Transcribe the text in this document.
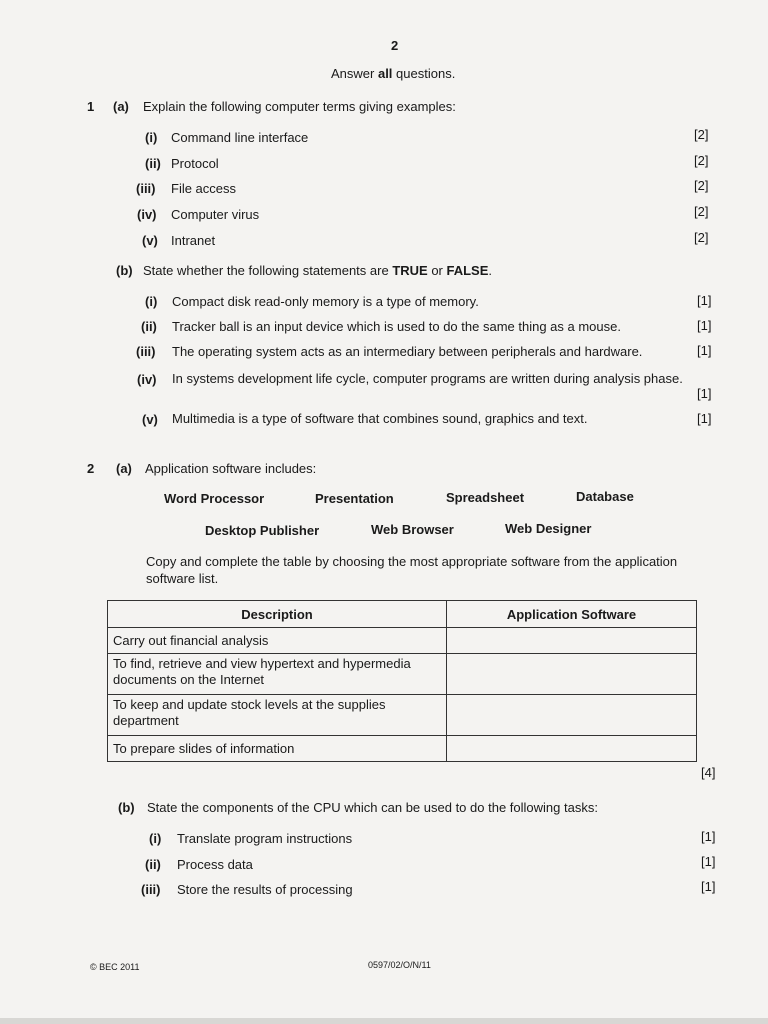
2
Answer all questions.
1 (a) Explain the following computer terms giving examples:
(i) Command line interface	[2]
(ii) Protocol	[2]
(iii) File access	[2]
(iv) Computer virus	[2]
(v) Intranet	[2]
(b) State whether the following statements are TRUE or FALSE.
(i) Compact disk read-only memory is a type of memory.	[1]
(ii) Tracker ball is an input device which is used to do the same thing as a mouse.	[1]
(iii) The operating system acts as an intermediary between peripherals and hardware.	[1]
(iv) In systems development life cycle, computer programs are written during analysis phase.
[1]
(v) Multimedia is a type of software that combines sound, graphics and text.	[1]
2 (a) Application software includes:
Word Processor	Presentation	Spreadsheet	Database
Desktop Publisher	Web Browser	Web Designer
Copy and complete the table by choosing the most appropriate software from the application
software list.
Description	Application Software
Carry out financial analysis	
To find, retrieve and view hypertext and hypermedia documents on the Internet	
To keep and update stock levels at the supplies department	
To prepare slides of information	
[4]
(b) State the components of the CPU which can be used to do the following tasks:
(i) Translate program instructions	[1]
(ii) Process data	[1]
(iii) Store the results of processing	[1]
© BEC 2011	0597/02/O/N/11
